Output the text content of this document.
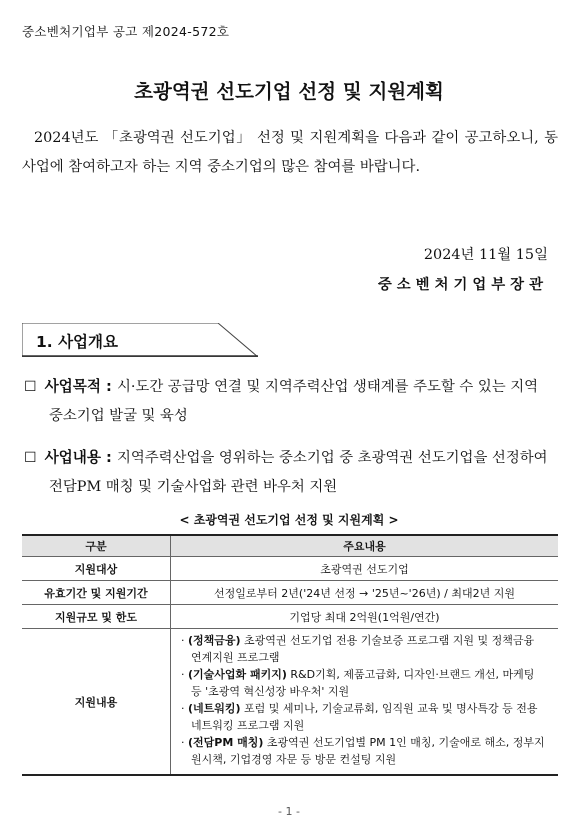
중소벤처기업부 공고 제2024-572호
초광역권 선도기업 선정 및 지원계획
2024년도 「초광역권 선도기업」 선정 및 지원계획을 다음과 같이 공고하오니, 동 사업에 참여하고자 하는 지역 중소기업의 많은 참여를 바랍니다.
2024년 11월 15일
중소벤처기업부장관
1. 사업개요
☐ 사업목적 : 시·도간 공급망 연결 및 지역주력산업 생태계를 주도할 수 있는 지역 중소기업 발굴 및 육성
☐ 사업내용 : 지역주력산업을 영위하는 중소기업 중 초광역권 선도기업을 선정하여 전담PM 매칭 및 기술사업화 관련 바우처 지원
< 초광역권 선도기업 선정 및 지원계획 >
구분	주요내용
지원대상	초광역권 선도기업
유효기간 및 지원기간	선정일로부터 2년('24년 선정 → '25년~'26년) / 최대2년 지원
지원규모 및 한도	기업당 최대 2억원(1억원/연간)
지원내용	· (정책금융) 초광역권 선도기업 전용 기술보증 프로그램 지원 및 정책금융 연계지원 프로그램
· (기술사업화 패키지) R&D기획, 제품고급화, 디자인·브랜드 개선, 마케팅 등 '초광역 혁신성장 바우처' 지원
· (네트워킹) 포럼 및 세미나, 기술교류회, 임직원 교육 및 명사특강 등 전용 네트워킹 프로그램 지원
· (전담PM 매칭) 초광역권 선도기업별 PM 1인 매칭, 기술애로 해소, 정부지원시책, 기업경영 자문 등 방문 컨설팅 지원
- 1 -
